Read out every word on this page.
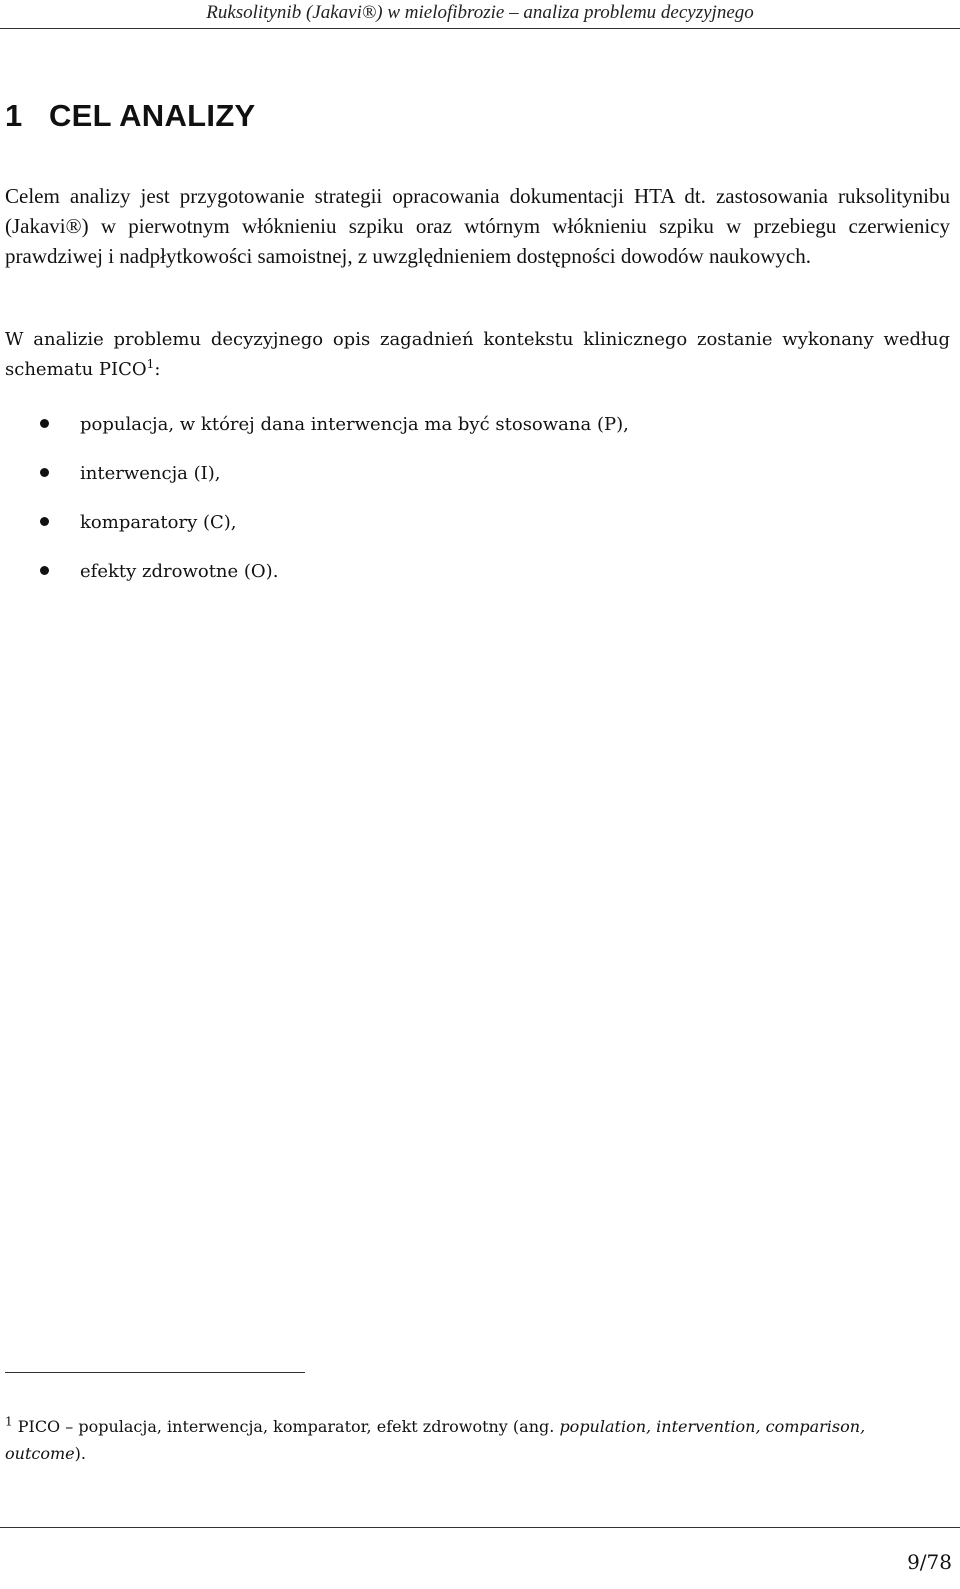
Ruksolitynib (Jakavi®) w mielofibrozie – analiza problemu decyzyjnego
1 CEL ANALIZY

Celem analizy jest przygotowanie strategii opracowania dokumentacji HTA dt. zastosowania ruksolitynibu (Jakavi®) w pierwotnym włóknieniu szpiku oraz wtórnym włóknieniu szpiku w przebiegu czerwienicy prawdziwej i nadpłytkowości samoistnej, z uwzględnieniem dostępności dowodów naukowych.

W analizie problemu decyzyjnego opis zagadnień kontekstu klinicznego zostanie wykonany według schematu PICO$^1$:

populacja, w której dana interwencja ma być stosowana (P),
interwencja (I),
komparatory (C),
efekty zdrowotne (O).

$^1$ PICO – populacja, interwencja, komparator, efekt zdrowotny (ang. population, intervention, comparison, outcome).

9/78
